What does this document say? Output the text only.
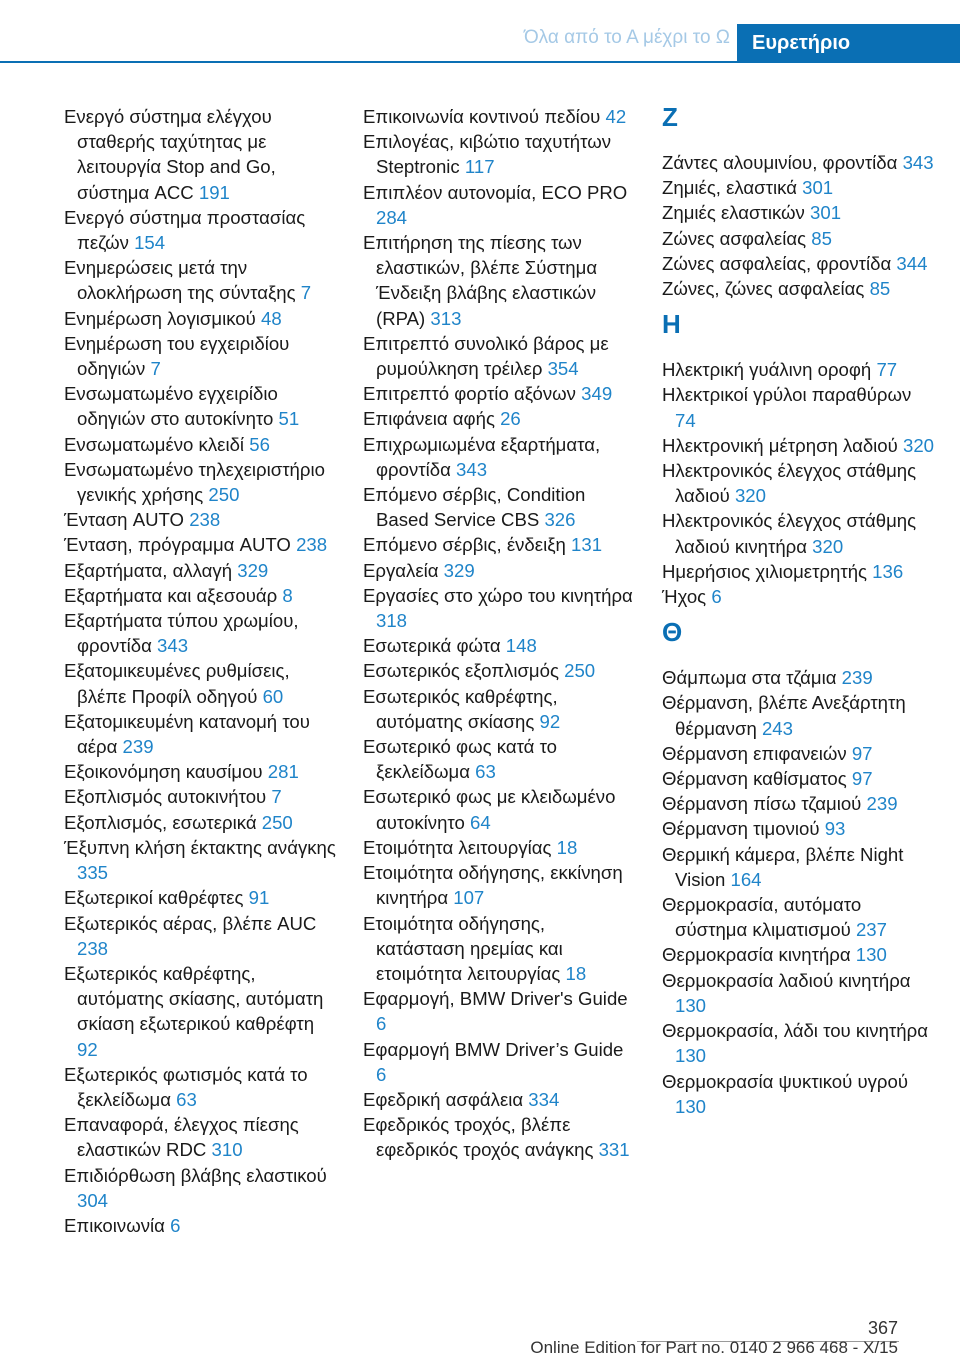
Όλα από το Α μέχρι το Ω	Ευρετήριο
Ενεργό σύστημα ελέγχου σταθερής ταχύτητας με λειτουργία Stop and Go, σύστημα ACC 191
Ενεργό σύστημα προστασίας πεζών 154
Ενημερώσεις μετά την ολοκλήρωση της σύνταξης 7
Ενημέρωση λογισμικού 48
Ενημέρωση του εγχειριδίου οδηγιών 7
Ενσωματωμένο εγχειρίδιο οδηγιών στο αυτοκίνητο 51
Ενσωματωμένο κλειδί 56
Ενσωματωμένο τηλεχειριστήριο γενικής χρήσης 250
Ένταση AUTO 238
Ένταση, πρόγραμμα AUTO 238
Εξαρτήματα, αλλαγή 329
Εξαρτήματα και αξεσουάρ 8
Εξαρτήματα τύπου χρωμίου, φροντίδα 343
Εξατομικευμένες ρυθμίσεις, βλέπε Προφίλ οδηγού 60
Εξατομικευμένη κατανομή του αέρα 239
Εξοικονόμηση καυσίμου 281
Εξοπλισμός αυτοκινήτου 7
Εξοπλισμός, εσωτερικά 250
Έξυπνη κλήση έκτακτης ανάγκης 335
Εξωτερικοί καθρέφτες 91
Εξωτερικός αέρας, βλέπε AUC 238
Εξωτερικός καθρέφτης, αυτόματης σκίασης, αυτόματη σκίαση εξωτερικού καθρέφτη 92
Εξωτερικός φωτισμός κατά το ξεκλείδωμα 63
Επαναφορά, έλεγχος πίεσης ελαστικών RDC 310
Επιδιόρθωση βλάβης ελαστικού 304
Επικοινωνία 6
Επικοινωνία κοντινού πεδίου 42
Επιλογέας, κιβώτιο ταχυτήτων Steptronic 117
Επιπλέον αυτονομία, ECO PRO 284
Επιτήρηση της πίεσης των ελαστικών, βλέπε Σύστημα Ένδειξη βλάβης ελαστικών (RPA) 313
Επιτρεπτό συνολικό βάρος με ρυμούλκηση τρέιλερ 354
Επιτρεπτό φορτίο αξόνων 349
Επιφάνεια αφής 26
Επιχρωμιωμένα εξαρτήματα, φροντίδα 343
Επόμενο σέρβις, Condition Based Service CBS 326
Επόμενο σέρβις, ένδειξη 131
Εργαλεία 329
Εργασίες στο χώρο του κινητήρα 318
Εσωτερικά φώτα 148
Εσωτερικός εξοπλισμός 250
Εσωτερικός καθρέφτης, αυτόματης σκίασης 92
Εσωτερικό φως κατά το ξεκλείδωμα 63
Εσωτερικό φως με κλειδωμένο αυτοκίνητο 64
Ετοιμότητα λειτουργίας 18
Ετοιμότητα οδήγησης, εκκίνηση κινητήρα 107
Ετοιμότητα οδήγησης, κατάσταση ηρεμίας και ετοιμότητα λειτουργίας 18
Εφαρμογή, BMW Driver's Guide 6
Εφαρμογή BMW Driver’s Guide 6
Εφεδρική ασφάλεια 334
Εφεδρικός τροχός, βλέπε εφεδρικός τροχός ανάγκης 331
Z
Ζάντες αλουμινίου, φροντίδα 343
Ζημιές, ελαστικά 301
Ζημιές ελαστικών 301
Ζώνες ασφαλείας 85
Ζώνες ασφαλείας, φροντίδα 344
Ζώνες, ζώνες ασφαλείας 85
H
Ηλεκτρική γυάλινη οροφή 77
Ηλεκτρικοί γρύλοι παραθύρων 74
Ηλεκτρονική μέτρηση λαδιού 320
Ηλεκτρονικός έλεγχος στάθμης λαδιού 320
Ηλεκτρονικός έλεγχος στάθμης λαδιού κινητήρα 320
Ημερήσιος χιλιομετρητής 136
Ήχος 6
Θ
Θάμπωμα στα τζάμια 239
Θέρμανση, βλέπε Ανεξάρτητη θέρμανση 243
Θέρμανση επιφανειών 97
Θέρμανση καθίσματος 97
Θέρμανση πίσω τζαμιού 239
Θέρμανση τιμονιού 93
Θερμική κάμερα, βλέπε Night Vision 164
Θερμοκρασία, αυτόματο σύστημα κλιματισμού 237
Θερμοκρασία κινητήρα 130
Θερμοκρασία λαδιού κινητήρα 130
Θερμοκρασία, λάδι του κινητήρα 130
Θερμοκρασία ψυκτικού υγρού 130
367
Online Edition for Part no. 0140 2 966 468 - X/15
